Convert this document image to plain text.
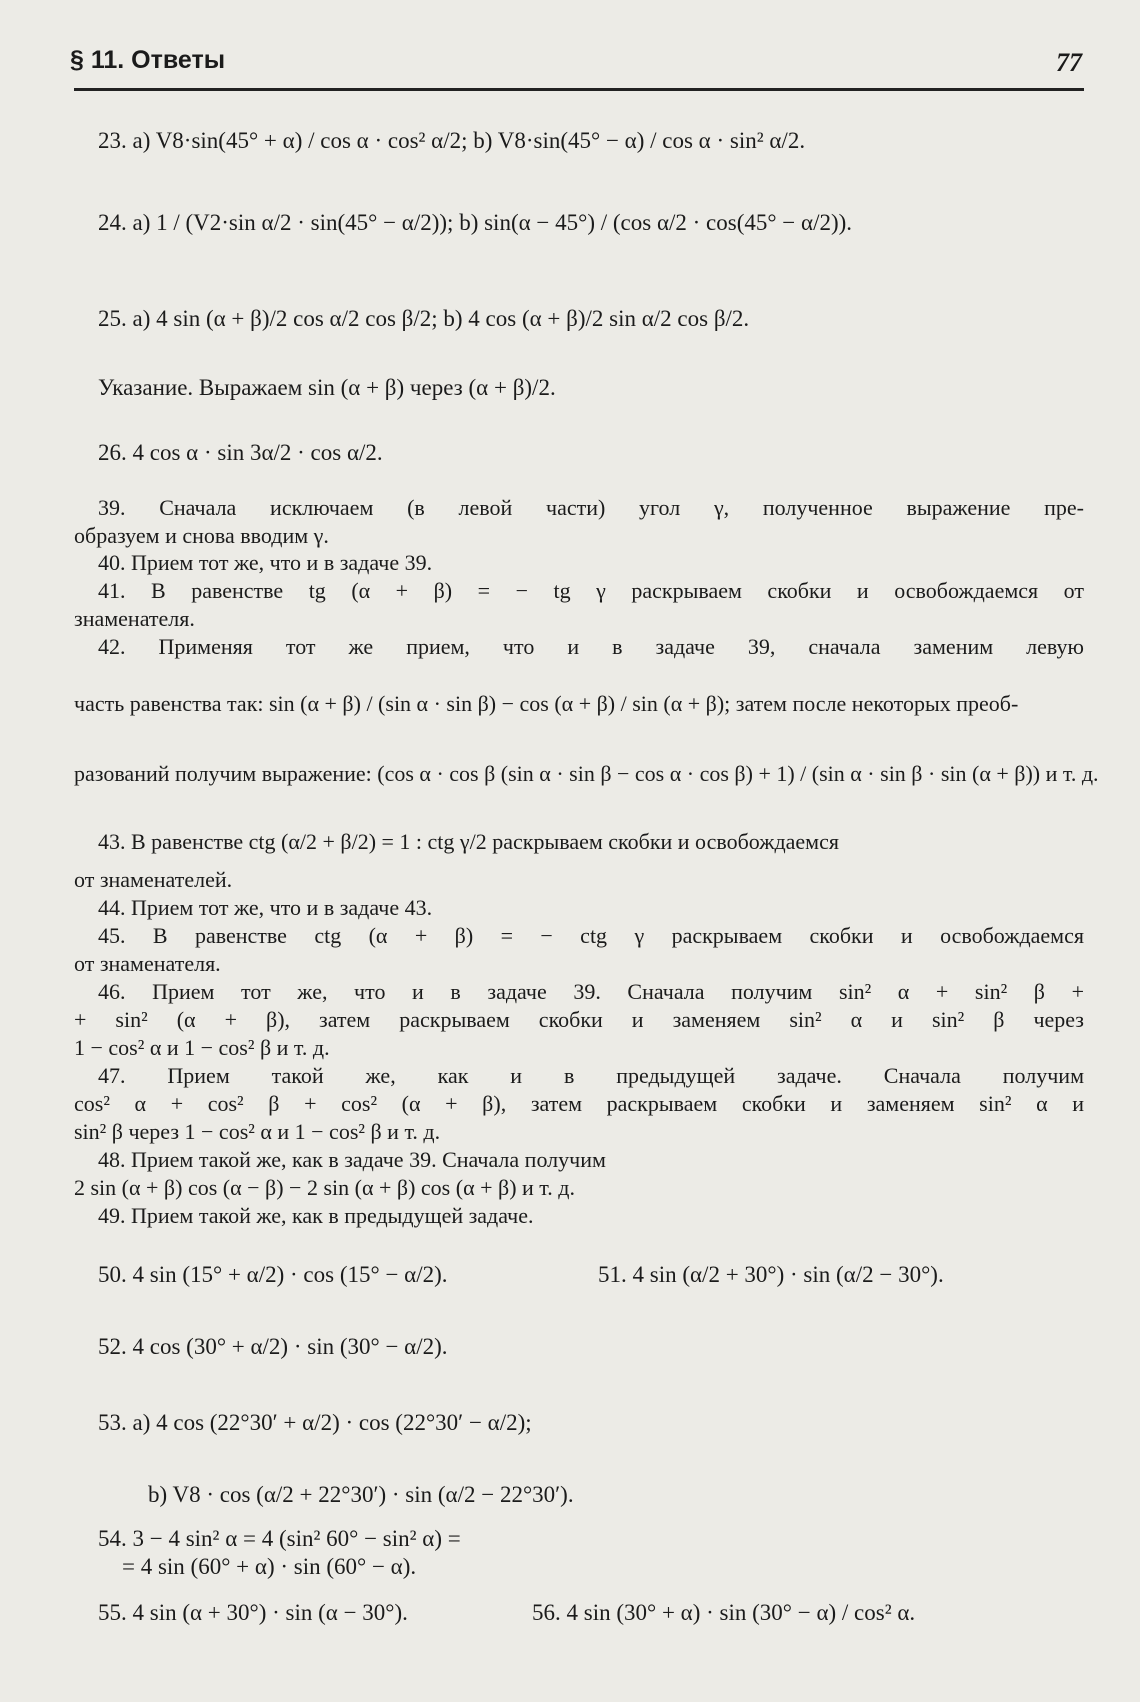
§ 11. Ответы	77
23. a) V8·sin(45° + α) / cos α · cos² α/2; b) V8·sin(45° − α) / cos α · sin² α/2.
24. a) 1 / (V2·sin α/2 · sin(45° − α/2)); b) sin(α − 45°) / (cos α/2 · cos(45° − α/2)).
25. a) 4 sin (α + β)/2 cos α/2 cos β/2; b) 4 cos (α + β)/2 sin α/2 cos β/2.
Указание. Выражаем sin (α + β) через (α + β)/2.
26. 4 cos α · sin 3α/2 · cos α/2.
39. Сначала исключаем (в левой части) угол γ, полученное выражение пре-
образуем и снова вводим γ.
40. Прием тот же, что и в задаче 39.
41. В равенстве tg (α + β) = − tg γ раскрываем скобки и освобождаемся от
знаменателя.
42. Применяя тот же прием, что и в задаче 39, сначала заменим левую
часть равенства так: sin (α + β) / (sin α · sin β) − cos (α + β) / sin (α + β); затем после некоторых преоб-
разований получим выражение: (cos α · cos β (sin α · sin β − cos α · cos β) + 1) / (sin α · sin β · sin (α + β)) и т. д.
43. В равенстве ctg (α/2 + β/2) = 1 : ctg γ/2 раскрываем скобки и освобождаемся
от знаменателей.
44. Прием тот же, что и в задаче 43.
45. В равенстве ctg (α + β) = − ctg γ раскрываем скобки и освобождаемся
от знаменателя.
46. Прием тот же, что и в задаче 39. Сначала получим sin² α + sin² β +
+ sin² (α + β), затем раскрываем скобки и заменяем sin² α и sin² β через
1 − cos² α и 1 − cos² β и т. д.
47. Прием такой же, как и в предыдущей задаче. Сначала получим
cos² α + cos² β + cos² (α + β), затем раскрываем скобки и заменяем sin² α и
sin² β через 1 − cos² α и 1 − cos² β и т. д.
48. Прием такой же, как в задаче 39. Сначала получим
2 sin (α + β) cos (α − β) − 2 sin (α + β) cos (α + β) и т. д.
49. Прием такой же, как в предыдущей задаче.
50. 4 sin (15° + α/2) · cos (15° − α/2).	51. 4 sin (α/2 + 30°) · sin (α/2 − 30°).
52. 4 cos (30° + α/2) · sin (30° − α/2).
53. a) 4 cos (22°30′ + α/2) · cos (22°30′ − α/2);
b) V8 · cos (α/2 + 22°30′) · sin (α/2 − 22°30′).
54. 3 − 4 sin² α = 4 (sin² 60° − sin² α) =
= 4 sin (60° + α) · sin (60° − α).
55. 4 sin (α + 30°) · sin (α − 30°).	56. 4 sin (30° + α) · sin (30° − α) / cos² α.
